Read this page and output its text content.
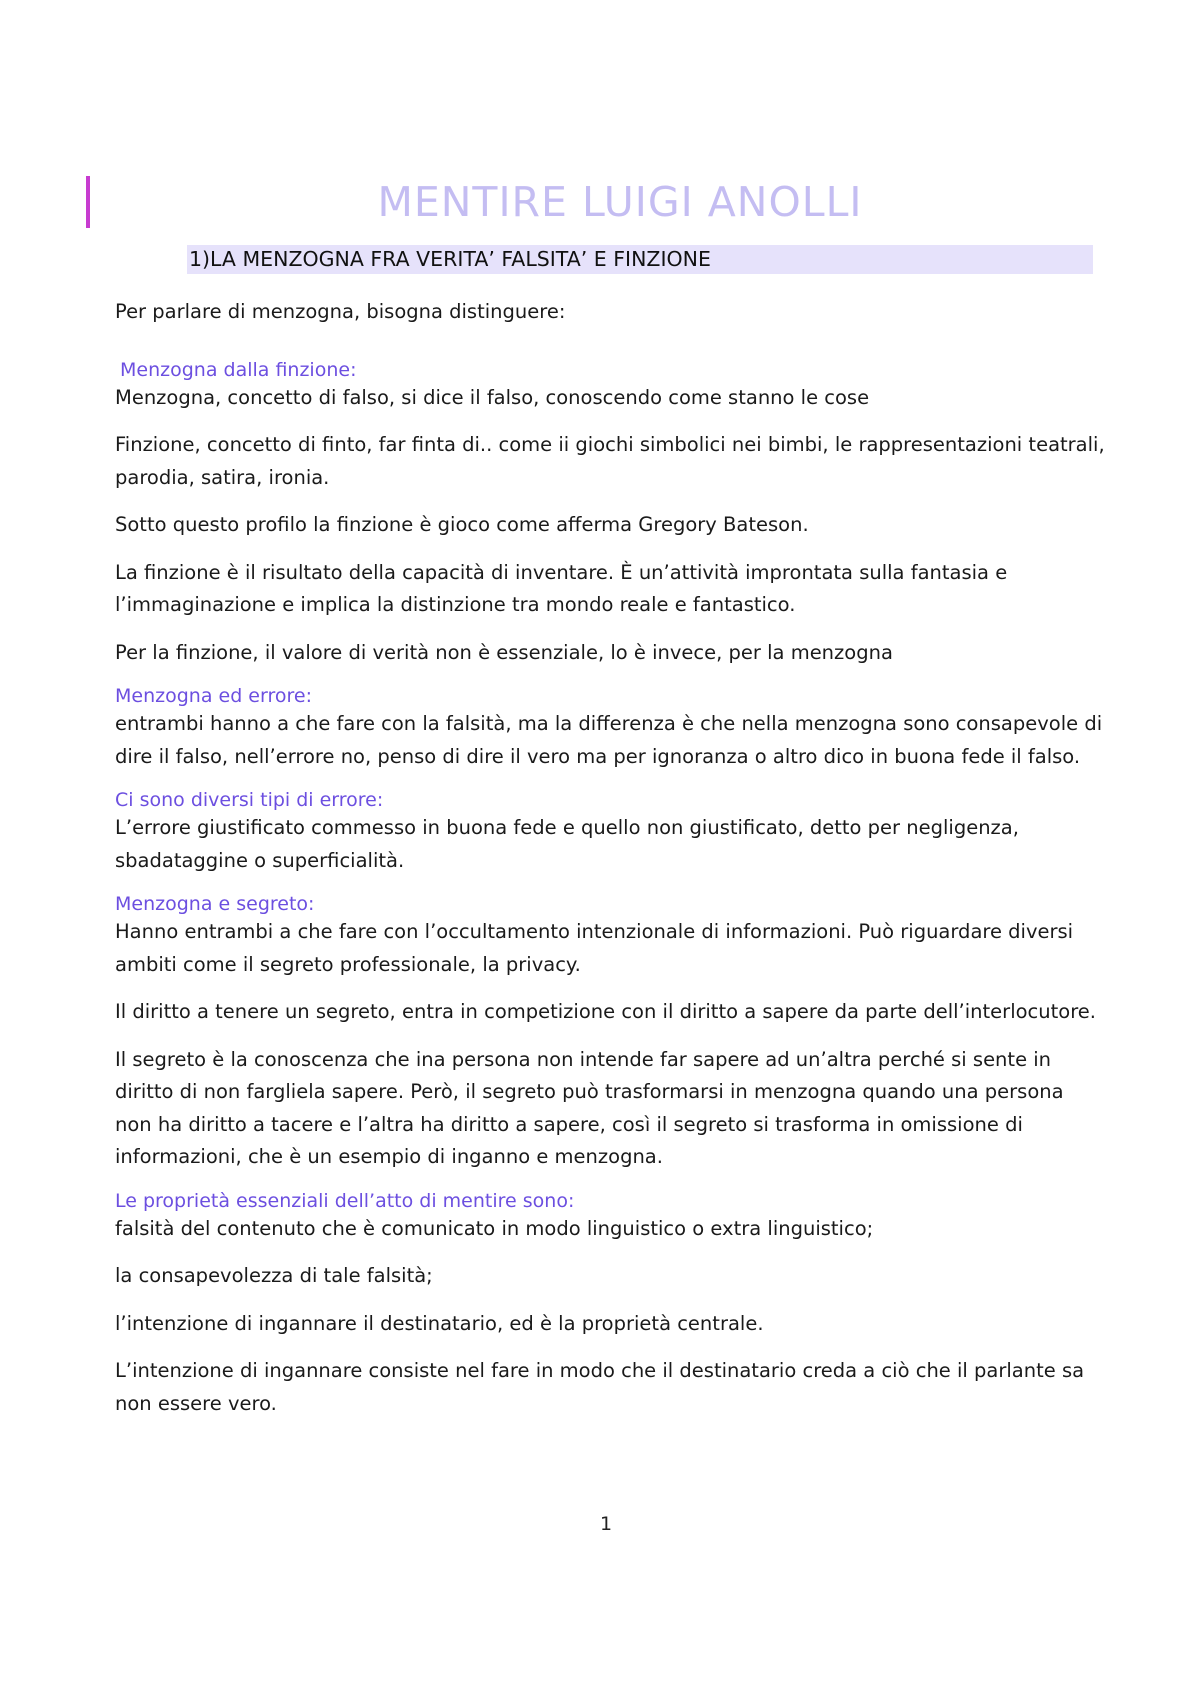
MENTIRE LUIGI ANOLLI
1)LA MENZOGNA FRA VERITA’ FALSITA’ E FINZIONE

Per parlare di menzogna, bisogna distinguere:

Menzogna dalla finzione:

Menzogna, concetto di falso, si dice il falso, conoscendo come stanno le cose

Finzione, concetto di finto, far finta di.. come ii giochi simbolici nei bimbi, le rappresentazioni teatrali, parodia, satira, ironia.

Sotto questo profilo la finzione è gioco come afferma Gregory Bateson.

La finzione è il risultato della capacità di inventare. È un’attività improntata sulla fantasia e l’immaginazione e implica la distinzione tra mondo reale e fantastico.

Per la finzione, il valore di verità non è essenziale, lo è invece, per la menzogna

Menzogna ed errore:

entrambi hanno a che fare con la falsità, ma la differenza è che nella menzogna sono consapevole di dire il falso, nell’errore no, penso di dire il vero ma per ignoranza o altro dico in buona fede il falso.

Ci sono diversi tipi di errore:

L’errore giustificato commesso in buona fede e quello non giustificato, detto per negligenza, sbadataggine o superficialità.

Menzogna e segreto:

Hanno entrambi a che fare con l’occultamento intenzionale di informazioni. Può riguardare diversi ambiti come il segreto professionale, la privacy.

Il diritto a tenere un segreto, entra in competizione con il diritto a sapere da parte dell’interlocutore.

Il segreto è la conoscenza che ina persona non intende far sapere ad un’altra perché si sente in diritto di non fargliela sapere. Però, il segreto può trasformarsi in menzogna quando una persona non ha diritto a tacere e l’altra ha diritto a sapere, così il segreto si trasforma in omissione di informazioni, che è un esempio di inganno e menzogna.

Le proprietà essenziali dell’atto di mentire sono:

falsità del contenuto che è comunicato in modo linguistico o extra linguistico;

la consapevolezza di tale falsità;

l’intenzione di ingannare il destinatario, ed è la proprietà centrale.

L’intenzione di ingannare consiste nel fare in modo che il destinatario creda a ciò che il parlante sa non essere vero.

1
